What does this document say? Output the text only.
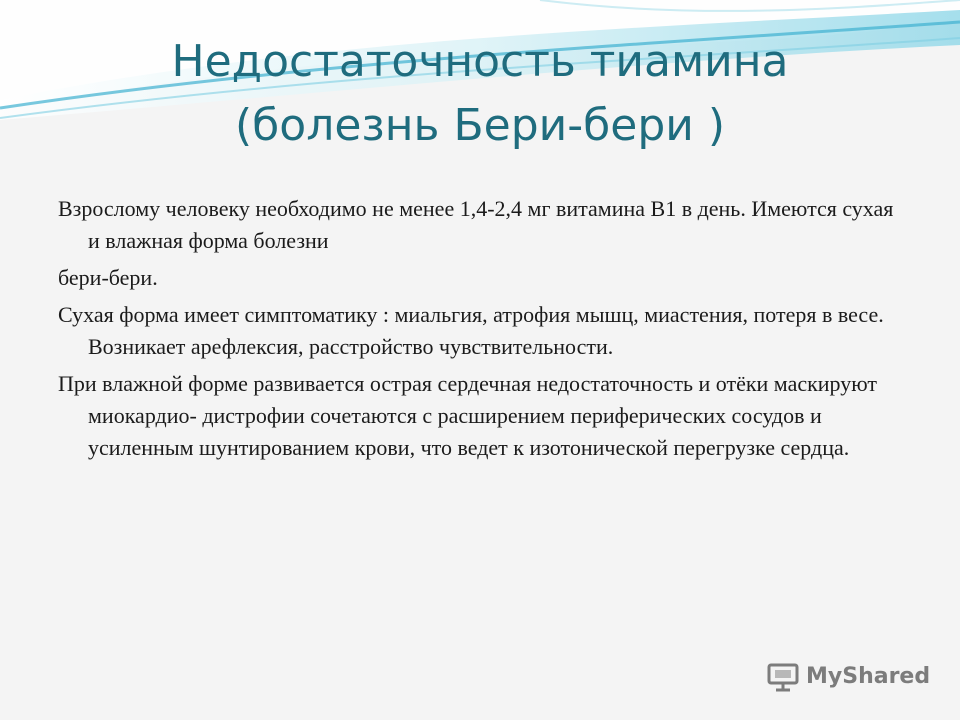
Недостаточность тиамина
(болезнь Бери-бери )

Взрослому человеку необходимо не менее 1,4-2,4 мг витамина В1 в день. Имеются сухая и влажная форма болезни

бери-бери.

Сухая форма имеет симптоматику : миальгия, атрофия мышц, миастения, потеря в весе. Возникает арефлексия, расстройство чувствительности.

При влажной форме развивается острая сердечная недостаточность и отёки маскируют миокардио- дистрофии сочетаются с расширением периферических сосудов и усиленным шунтированием крови, что ведет к изотонической перегрузке сердца.

MyShared
